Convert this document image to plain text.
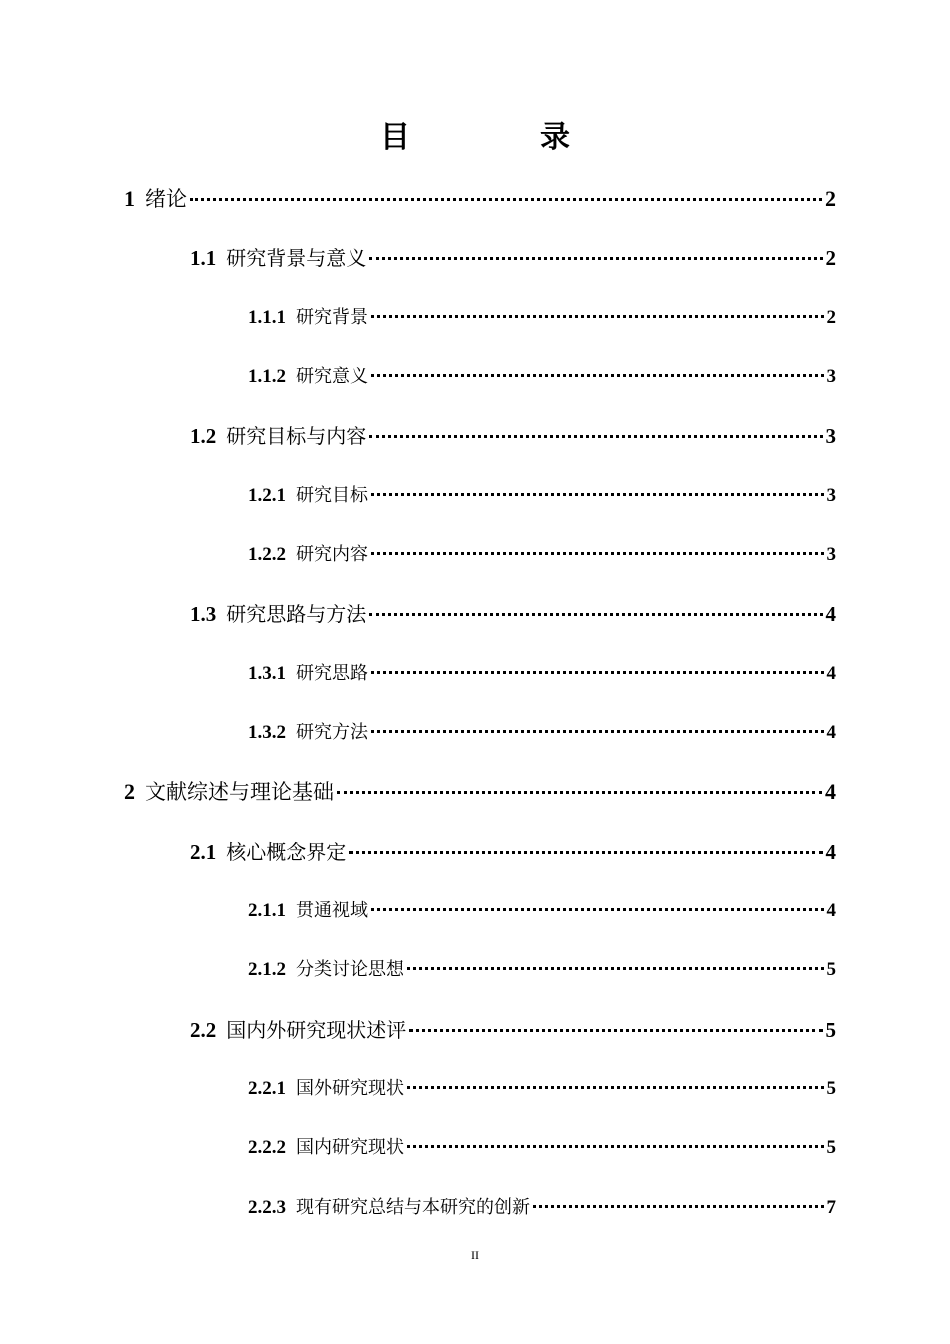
目　录
1 绪论	2
1.1 研究背景与意义	2
1.1.1 研究背景	2
1.1.2 研究意义	3
1.2 研究目标与内容	3
1.2.1 研究目标	3
1.2.2 研究内容	3
1.3 研究思路与方法	4
1.3.1 研究思路	4
1.3.2 研究方法	4
2 文献综述与理论基础	4
2.1 核心概念界定	4
2.1.1 贯通视域	4
2.1.2 分类讨论思想	5
2.2 国内外研究现状述评	5
2.2.1 国外研究现状	5
2.2.2 国内研究现状	5
2.2.3 现有研究总结与本研究的创新	7
II
